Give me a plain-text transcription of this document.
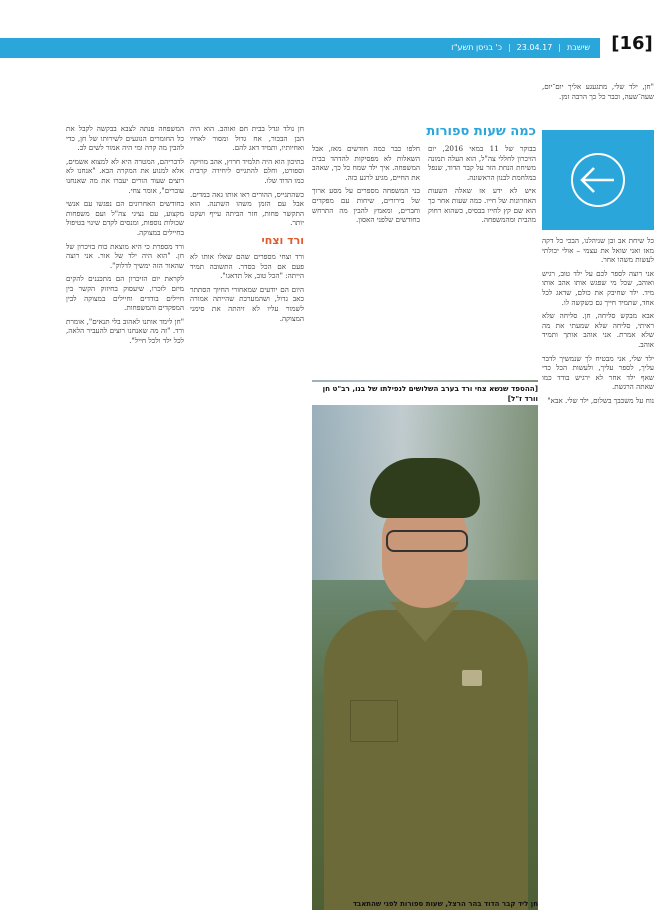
שישבת
|
23.04.17
|
כ' בניסן תשע"ז	[16]

"חן, ילד שלי, מתגעגע אליך יום־יום, שעה־שעה, וכבר כל כך הרבה זמן.

כל שיחת אב ובן שניהלנו, הבכי כל דקה מאז ואני שואל את עצמי – אולי יכולתי לעשות משהו אחר.

אני רוצה לספר לכם על ילד טוב, רגיש ואוהב, שכל מי שפגש אותו אהב אותו מיד. ילד שחיבק את כולם, שדאג לכל אחד, שתמיד חייך גם כשקשה לו.

אבא מבקש סליחה, חן. סליחה שלא ראיתי, סליחה שלא שמעתי את מה שלא אמרת. אני אוהב אותך ותמיד אוהב.

ילד שלי, אני מבטיח לך שנמשיך לדבר עליך, לספר עליך, ולעשות הכל כדי שאף ילד אחר לא ירגיש בודד כמו שאתה הרגשת.

נוח על משכבך בשלום, ילד שלי. אבא"

כמה שעות ספורות

בבוקר של 11 במאי 2016, יום הזיכרון לחללי צה"ל, הוא העלה תמונה משיחת הנחת הזר על קבר הדוד, שנפל במלחמת לבנון הראשונה.

איש לא ידע אז שאלה השעות האחרונות של חייו. כמה שעות אחר כך הוא שם קץ לחייו בבסיס, כשהוא רחוק מהבית ומהמשפחה.

חלפו כבר כמה חודשים מאז, אבל השאלות לא מפסיקות להדהד בבית המשפחה. איך ילד שמח כל כך, שאהב את החיים, מגיע לרגע כזה.

בני המשפחה מספרים על מסע ארוך של בירורים, שיחות עם מפקדים וחברים, ומאמץ להבין מה התרחש בחודשים שלפני האסון.

[ההספד שנשא צחי ורד בערב השלושים לנפילתו של בנו, רב"ט חן וורד ז"ל]
חן ליד קבר הדוד בהר הרצל, שעות ספורות לפני שהתאבד

חן נולד וגדל בבית חם ואוהב. הוא היה הבן הבכור, אח גדול ומסור לאחיו ואחיותיו, ותמיד דאג להם.

בתיכון הוא היה תלמיד חרוץ, אהב מוזיקה וספורט, וחלם להתגייס ליחידה קרבית כמו הדוד שלו.

כשהתגייס, ההורים ראו אותו גאה במדים. אבל עם הזמן משהו השתנה. הוא התקשר פחות, חזר הביתה עייף ושקט יותר.

ורד וצחי

ורד וצחי מספרים שהם שאלו אותו לא פעם אם הכל בסדר. התשובה תמיד הייתה: "הכל טוב, אל תדאגו".

היום הם יודעים שמאחורי החיוך הסתתר כאב גדול, ושהמערכת שהייתה אמורה לשמור עליו לא זיהתה את סימני המצוקה.

המשפחה פנתה לצבא בבקשה לקבל את כל החומרים הנוגעים לשירותו של חן, כדי להבין מה קרה ומי היה אמור לשים לב.

לדבריהם, המטרה היא לא למצוא אשמים, אלא למנוע את המקרה הבא. "אנחנו לא רוצים שעוד הורים יעברו את מה שאנחנו עוברים", אומר צחי.

בחודשים האחרונים הם נפגשו עם אנשי מקצוע, עם נציגי צה"ל ועם משפחות שכולות נוספות, ומנסים לקדם שינוי בטיפול בחיילים במצוקה.

ורד מספרת כי היא מוצאת כוח בזיכרון של חן. "הוא היה ילד של אור. אני רוצה שהאור הזה ימשיך לדלוק".

לקראת יום הזיכרון הם מתכננים להקים מיזם לזכרו, שיעסוק בחיזוק הקשר בין חיילים בודדים וחיילים במצוקה לבין המפקדים והמשפחות.

"חן לימד אותנו לאהוב בלי תנאים", אומרת ורד. "זה מה שאנחנו רוצים להעביר הלאה, לכל ילד ולכל חייל".
